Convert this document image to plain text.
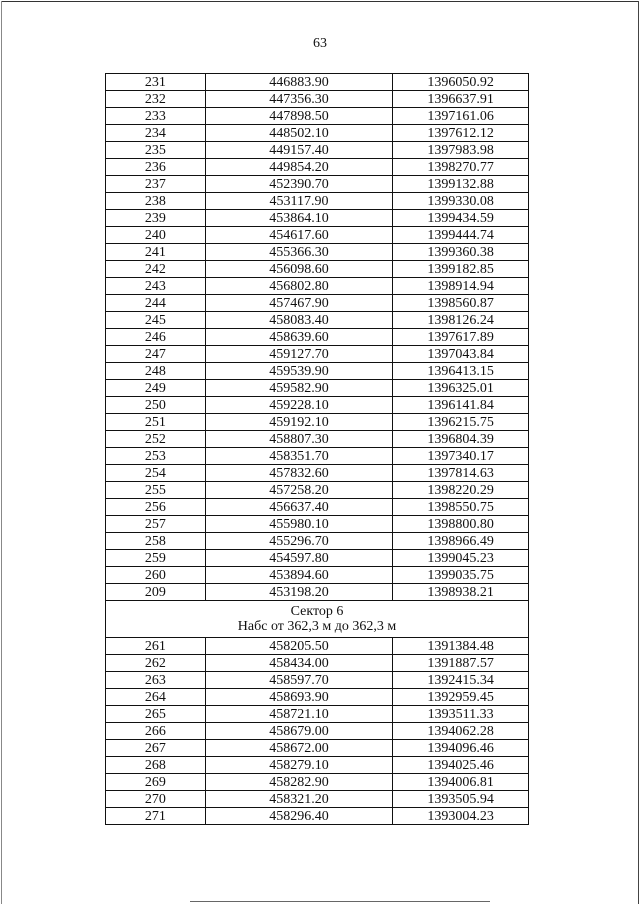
63
231	446883.90	1396050.92
232	447356.30	1396637.91
233	447898.50	1397161.06
234	448502.10	1397612.12
235	449157.40	1397983.98
236	449854.20	1398270.77
237	452390.70	1399132.88
238	453117.90	1399330.08
239	453864.10	1399434.59
240	454617.60	1399444.74
241	455366.30	1399360.38
242	456098.60	1399182.85
243	456802.80	1398914.94
244	457467.90	1398560.87
245	458083.40	1398126.24
246	458639.60	1397617.89
247	459127.70	1397043.84
248	459539.90	1396413.15
249	459582.90	1396325.01
250	459228.10	1396141.84
251	459192.10	1396215.75
252	458807.30	1396804.39
253	458351.70	1397340.17
254	457832.60	1397814.63
255	457258.20	1398220.29
256	456637.40	1398550.75
257	455980.10	1398800.80
258	455296.70	1398966.49
259	454597.80	1399045.23
260	453894.60	1399035.75
209	453198.20	1398938.21

Сектор 6
Набс от 362,3 м до 362,3 м		

261	458205.50	1391384.48
262	458434.00	1391887.57
263	458597.70	1392415.34
264	458693.90	1392959.45
265	458721.10	1393511.33
266	458679.00	1394062.28
267	458672.00	1394096.46
268	458279.10	1394025.46
269	458282.90	1394006.81
270	458321.20	1393505.94
271	458296.40	1393004.23
